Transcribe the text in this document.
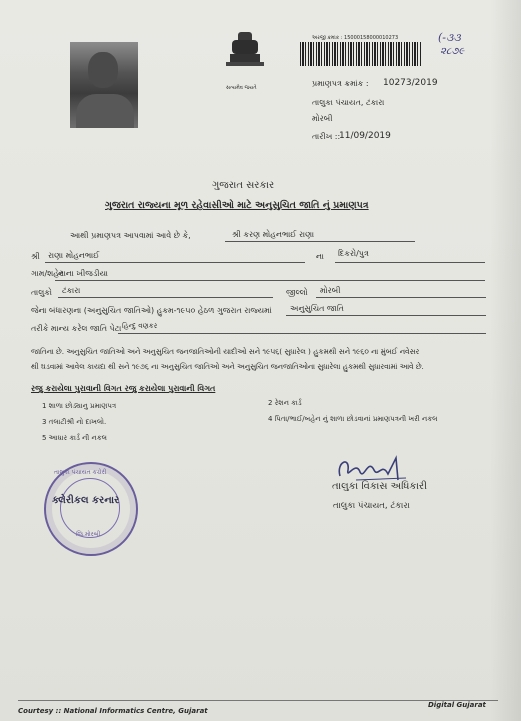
સત્યમેવ જયતે
અરજી ક્રમાંક : 15000158000010273	(-૩૩
૨૮૭૯
પ્રમાણપત્ર ક્રમાંક : 10273/2019
તાલુકા પંચાયત, ટંકારા
મોરબી
તારીખ ::
11/09/2019
ગુજરાત સરકાર
ગુજરાત રાજ્યના મૂળ રહેવાસીઓ માટે અનુસુચિત જાતિ નું પ્રમાણપત્ર
આથી પ્રમાણપત્ર આપવામાં આવે છે કે,	શ્રી કરણ મોહનભાઈ રાણા
શ્રી રાણા મોહનભાઈ	ના દિકરો/પુત્ર
ગામ/શહેર
નાના ખીજડીયા
તાલુકો ટંકારા	જીલ્લો મોરબી
જેના બંધારણના (અનુસુચિત જાતિઓ) હુકમ-૧૯૫૦ હેઠળ ગુજરાત રાજ્યમાં અનુસુચિત જાતિ
તરીકે માન્ય કરેલ જાતિ પેટા હિન્દુ વણકર
જાતિના છે. અનુસુચિત જાતિઓ અને અનુસુચિત જનજાતિઓની યાદીઓ સને ૧૯૫૬( સુધારેલ ) હુકમથી સને ૧૯૬૦ ના મુંબઈ નવેસર
થી ઘડવામાં આવેલ કાયદા થી સને ૧૯૭૬ ના અનુસુચિત જાતિઓ અને અનુસુચિત જનજાતિઓના સુધારેલા હુકમથી સુધારવામાં આવે છે.
રજુ કરાયેલા પુરાવાની વિગત રજુ કરાયેલા પુરાવાની વિગત
1 શાળા છોડ્યાનુ પ્રમાણપત્ર	2 રેશન કાર્ડ
3 તલાટીશ્રી નો દાખલો.	4 પિતા/ભાઈ/બહેન નું શાળા છોડવાનાં પ્રમાણપત્રની ખરી નકલ
5 આધાર કાર્ડ ની નકલ
તાલુકા વિકાસ અધિકારી
તાલુકા પંચાયત, ટંકારા
તાલુકા પંચાયત કચેરી
ક્લેરીકલ કરનાર
જિ.મોરબી
Courtesy :: National Informatics Centre, Gujarat
Digital Gujarat
